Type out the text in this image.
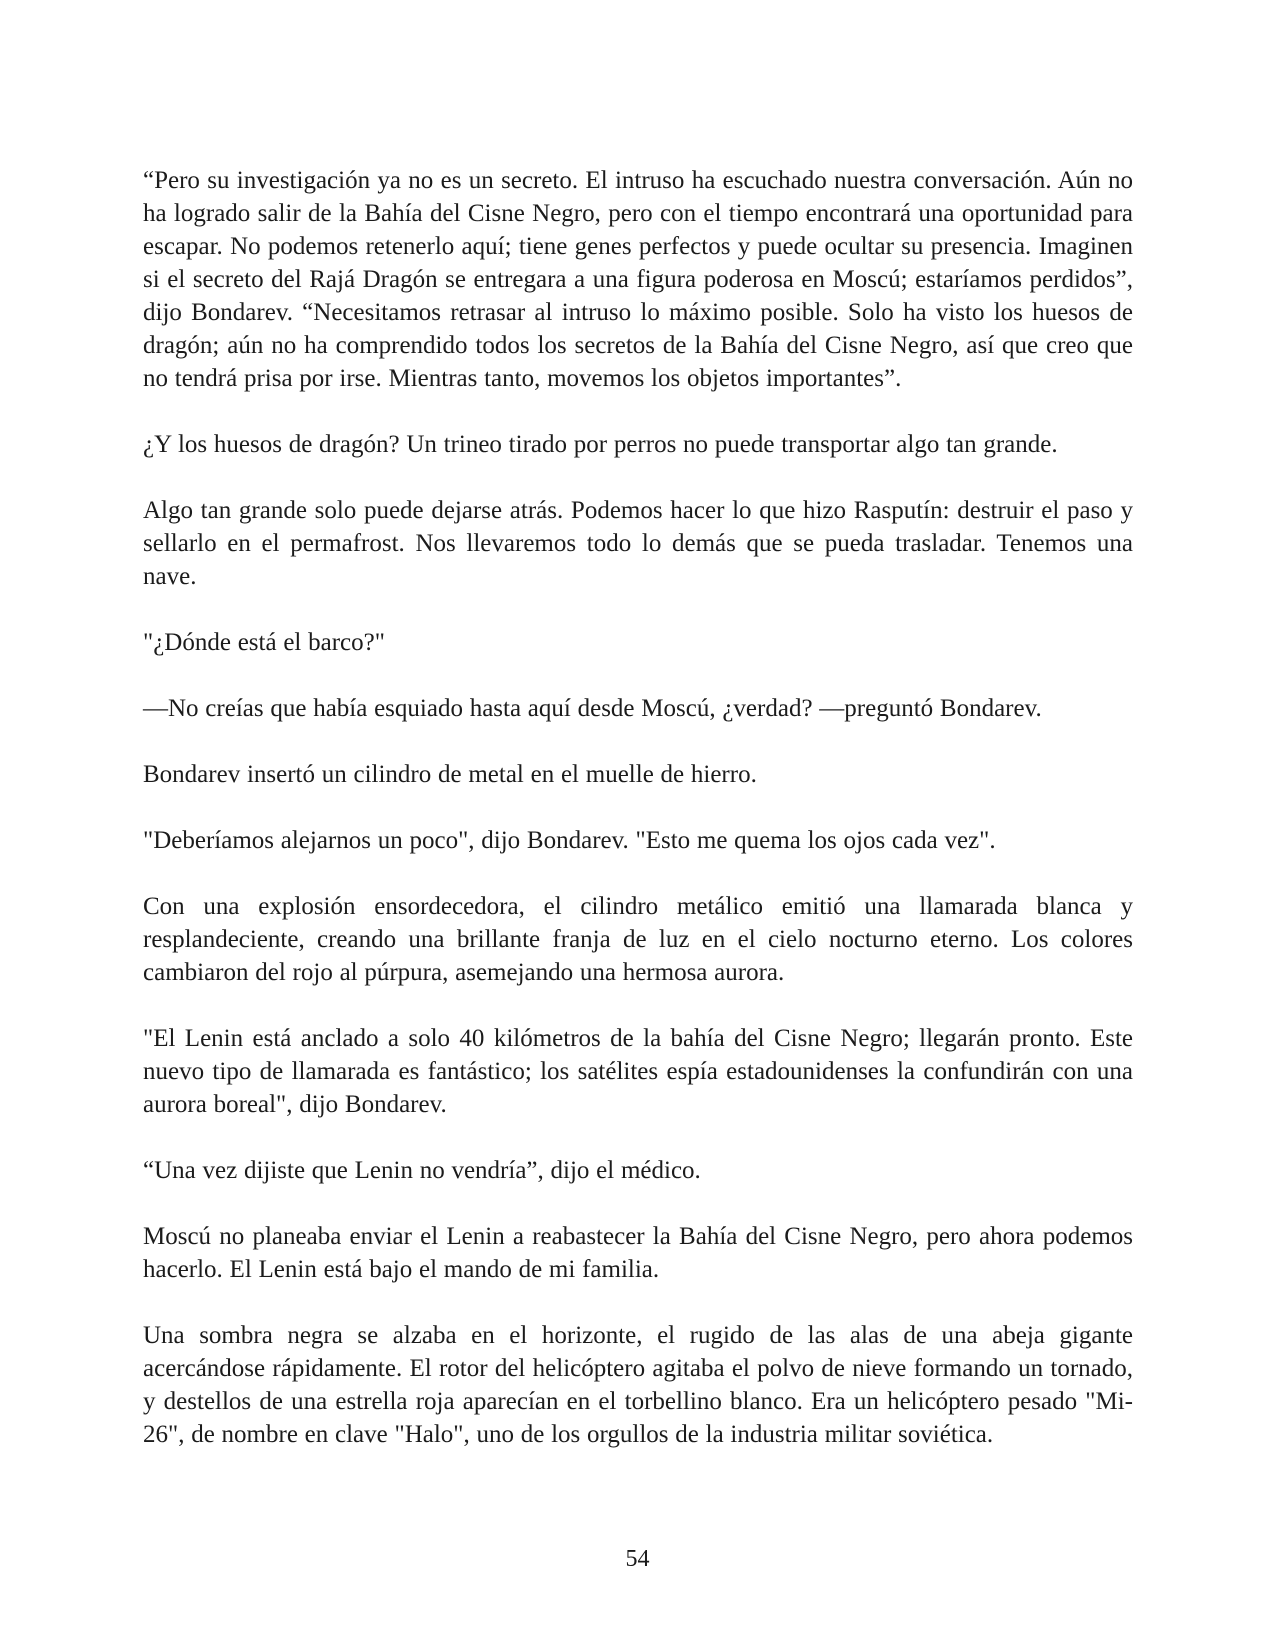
“Pero su investigación ya no es un secreto. El intruso ha escuchado nuestra conversación. Aún no ha logrado salir de la Bahía del Cisne Negro, pero con el tiempo encontrará una oportunidad para escapar. No podemos retenerlo aquí; tiene genes perfectos y puede ocultar su presencia. Imaginen si el secreto del Rajá Dragón se entregara a una figura poderosa en Moscú; estaríamos perdidos”, dijo Bondarev. “Necesitamos retrasar al intruso lo máximo posible. Solo ha visto los huesos de dragón; aún no ha comprendido todos los secretos de la Bahía del Cisne Negro, así que creo que no tendrá prisa por irse. Mientras tanto, movemos los objetos importantes”.

¿Y los huesos de dragón? Un trineo tirado por perros no puede transportar algo tan grande.

Algo tan grande solo puede dejarse atrás. Podemos hacer lo que hizo Rasputín: destruir el paso y sellarlo en el permafrost. Nos llevaremos todo lo demás que se pueda trasladar. Tenemos una nave.

"¿Dónde está el barco?"

—No creías que había esquiado hasta aquí desde Moscú, ¿verdad? —preguntó Bondarev.

Bondarev insertó un cilindro de metal en el muelle de hierro.

"Deberíamos alejarnos un poco", dijo Bondarev. "Esto me quema los ojos cada vez".

Con una explosión ensordecedora, el cilindro metálico emitió una llamarada blanca y resplandeciente, creando una brillante franja de luz en el cielo nocturno eterno. Los colores cambiaron del rojo al púrpura, asemejando una hermosa aurora.

"El Lenin está anclado a solo 40 kilómetros de la bahía del Cisne Negro; llegarán pronto. Este nuevo tipo de llamarada es fantástico; los satélites espía estadounidenses la confundirán con una aurora boreal", dijo Bondarev.

“Una vez dijiste que Lenin no vendría”, dijo el médico.

Moscú no planeaba enviar el Lenin a reabastecer la Bahía del Cisne Negro, pero ahora podemos hacerlo. El Lenin está bajo el mando de mi familia.

Una sombra negra se alzaba en el horizonte, el rugido de las alas de una abeja gigante acercándose rápidamente. El rotor del helicóptero agitaba el polvo de nieve formando un tornado, y destellos de una estrella roja aparecían en el torbellino blanco. Era un helicóptero pesado "Mi-26", de nombre en clave "Halo", uno de los orgullos de la industria militar soviética.

54
